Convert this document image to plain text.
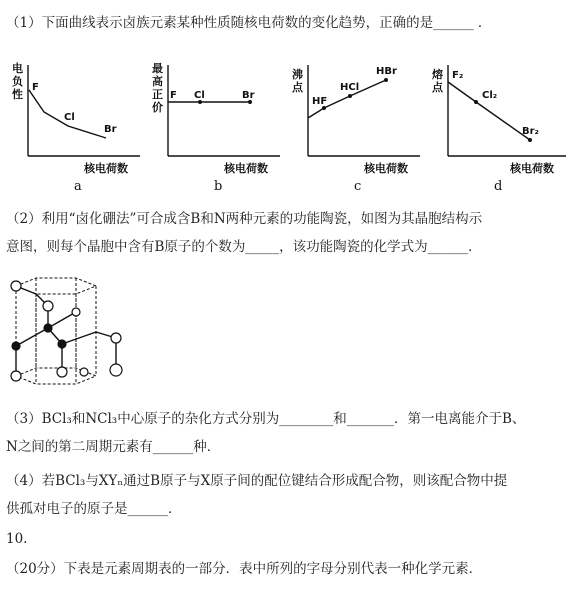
（1）下面曲线表示卤族元素某种性质随核电荷数的变化趋势，正确的是______ ．
电
负
性
F
Cl
Br
核电荷数
a
最
高
正
价
F Cl	Br
核电荷数
b
沸
点
HF
HCl
HBr
核电荷数
c
熔
点
F₂
Cl₂
Br₂
核电荷数
d
（2）利用“卤化硼法”可合成含B和N两种元素的功能陶瓷，如图为其晶胞结构示
意图，则每个晶胞中含有B原子的个数为_____，该功能陶瓷的化学式为______．
（3）BCl₃和NCl₃中心原子的杂化方式分别为________和_______．第一电离能介于B、
N之间的第二周期元素有______种．
（4）若BCl₃与XYₙ通过B原子与X原子间的配位键结合形成配合物，则该配合物中提
供孤对电子的原子是______．
10.
（20分）下表是元素周期表的一部分．表中所列的字母分别代表一种化学元素．
